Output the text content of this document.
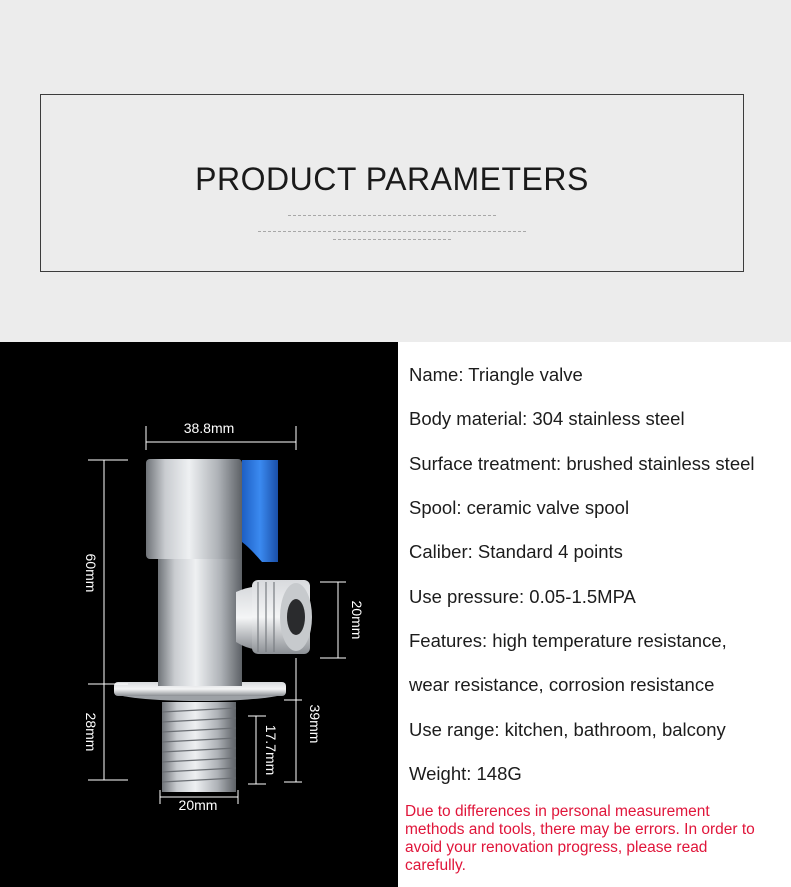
PRODUCT PARAMETERS
38.8mm
60mm
20mm
39mm
17.7mm
28mm
20mm
Name: Triangle valve
Body material: 304 stainless steel
Surface treatment: brushed stainless steel
Spool: ceramic valve spool
Caliber: Standard 4 points
Use pressure: 0.05-1.5MPA
Features: high temperature resistance,
wear resistance, corrosion resistance
Use range: kitchen, bathroom, balcony
Weight: 148G
Due to differences in personal measurement methods and tools, there may be errors. In order to avoid your renovation progress, please read carefully.
